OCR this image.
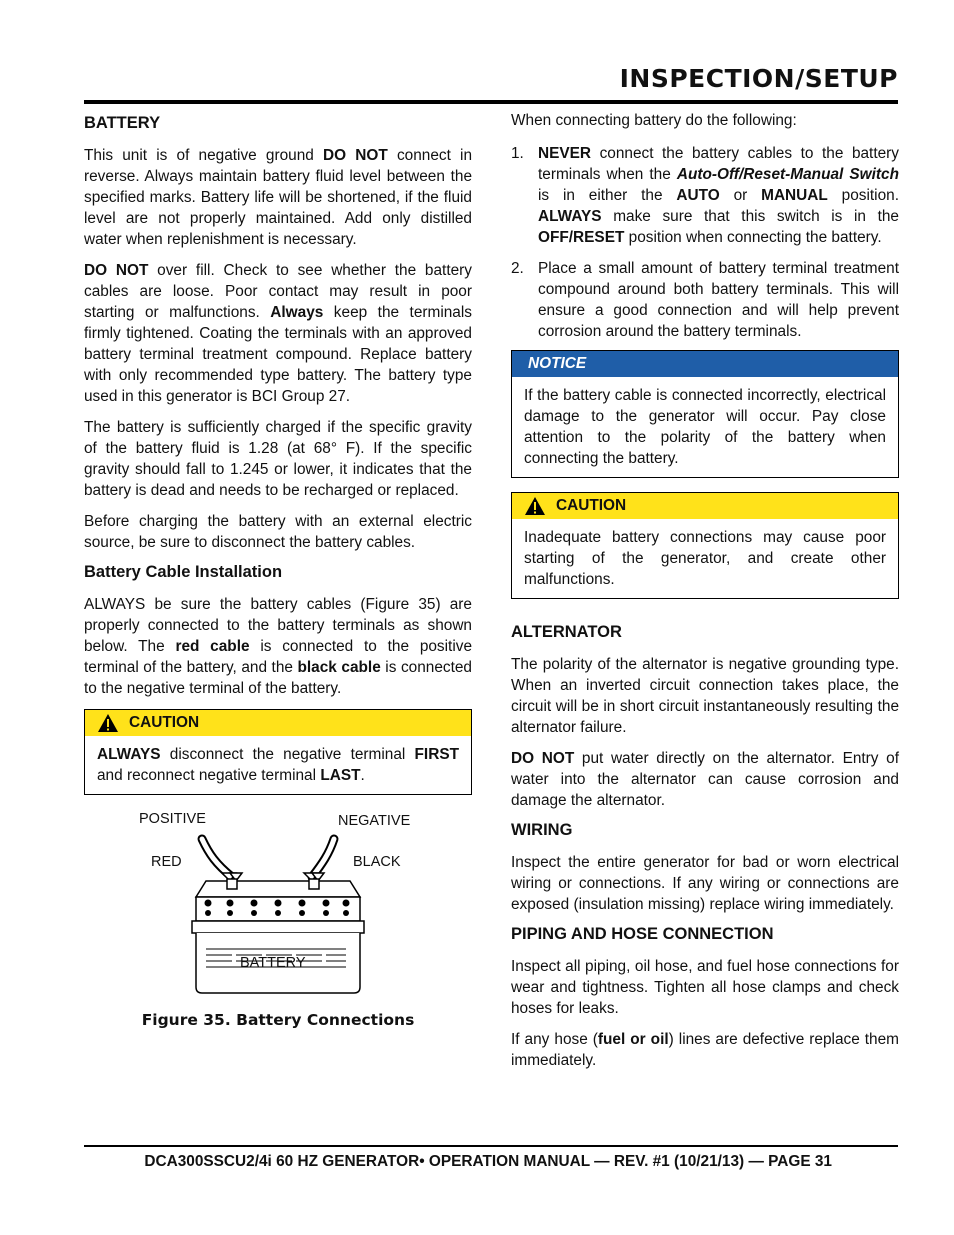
INSPECTION/SETUP
BATTERY

This unit is of negative ground DO NOT connect in reverse. Always maintain battery fluid level between the specified marks. Battery life will be shortened, if the fluid level are not properly maintained. Add only distilled water when replenishment is necessary.

DO NOT over fill. Check to see whether the battery cables are loose. Poor contact may result in poor starting or malfunctions. Always keep the terminals firmly tightened. Coating the terminals with an approved battery terminal treatment compound. Replace battery with only recommended type battery. The battery type used in this generator is BCI Group 27.

The battery is sufficiently charged if the specific gravity of the battery fluid is 1.28 (at 68° F). If the specific gravity should fall to 1.245 or lower, it indicates that the battery is dead and needs to be recharged or replaced.

Before charging the battery with an external electric source, be sure to disconnect the battery cables.

Battery Cable Installation

ALWAYS be sure the battery cables (Figure 35) are properly connected to the battery terminals as shown below. The red cable is connected to the positive terminal of the battery, and the black cable is connected to the negative terminal of the battery.

CAUTION
ALWAYS disconnect the negative terminal FIRST and reconnect negative terminal LAST.
POSITIVE	NEGATIVE
RED	BLACK
BATTERY
Figure 35. Battery Connections

When connecting battery do the following:

1. NEVER connect the battery cables to the battery terminals when the Auto-Off/Reset-Manual Switch is in either the AUTO or MANUAL position. ALWAYS make sure that this switch is in the OFF/RESET position when connecting the battery.
2. Place a small amount of battery terminal treatment compound around both battery terminals. This will ensure a good connection and will help prevent corrosion around the battery terminals.
NOTICE
If the battery cable is connected incorrectly, electrical damage to the generator will occur. Pay close attention to the polarity of the battery when connecting the battery.
CAUTION
Inadequate battery connections may cause poor starting of the generator, and create other malfunctions.
ALTERNATOR

The polarity of the alternator is negative grounding type. When an inverted circuit connection takes place, the circuit will be in short circuit instantaneously resulting the alternator failure.

DO NOT put water directly on the alternator. Entry of water into the alternator can cause corrosion and damage the alternator.

WIRING

Inspect the entire generator for bad or worn electrical wiring or connections. If any wiring or connections are exposed (insulation missing) replace wiring immediately.

PIPING AND HOSE CONNECTION

Inspect all piping, oil hose, and fuel hose connections for wear and tightness. Tighten all hose clamps and check hoses for leaks.

If any hose (fuel or oil) lines are defective replace them immediately.

DCA300SSCU2/4i 60 HZ GENERATOR• OPERATION MANUAL — REV. #1 (10/21/13) — PAGE 31
